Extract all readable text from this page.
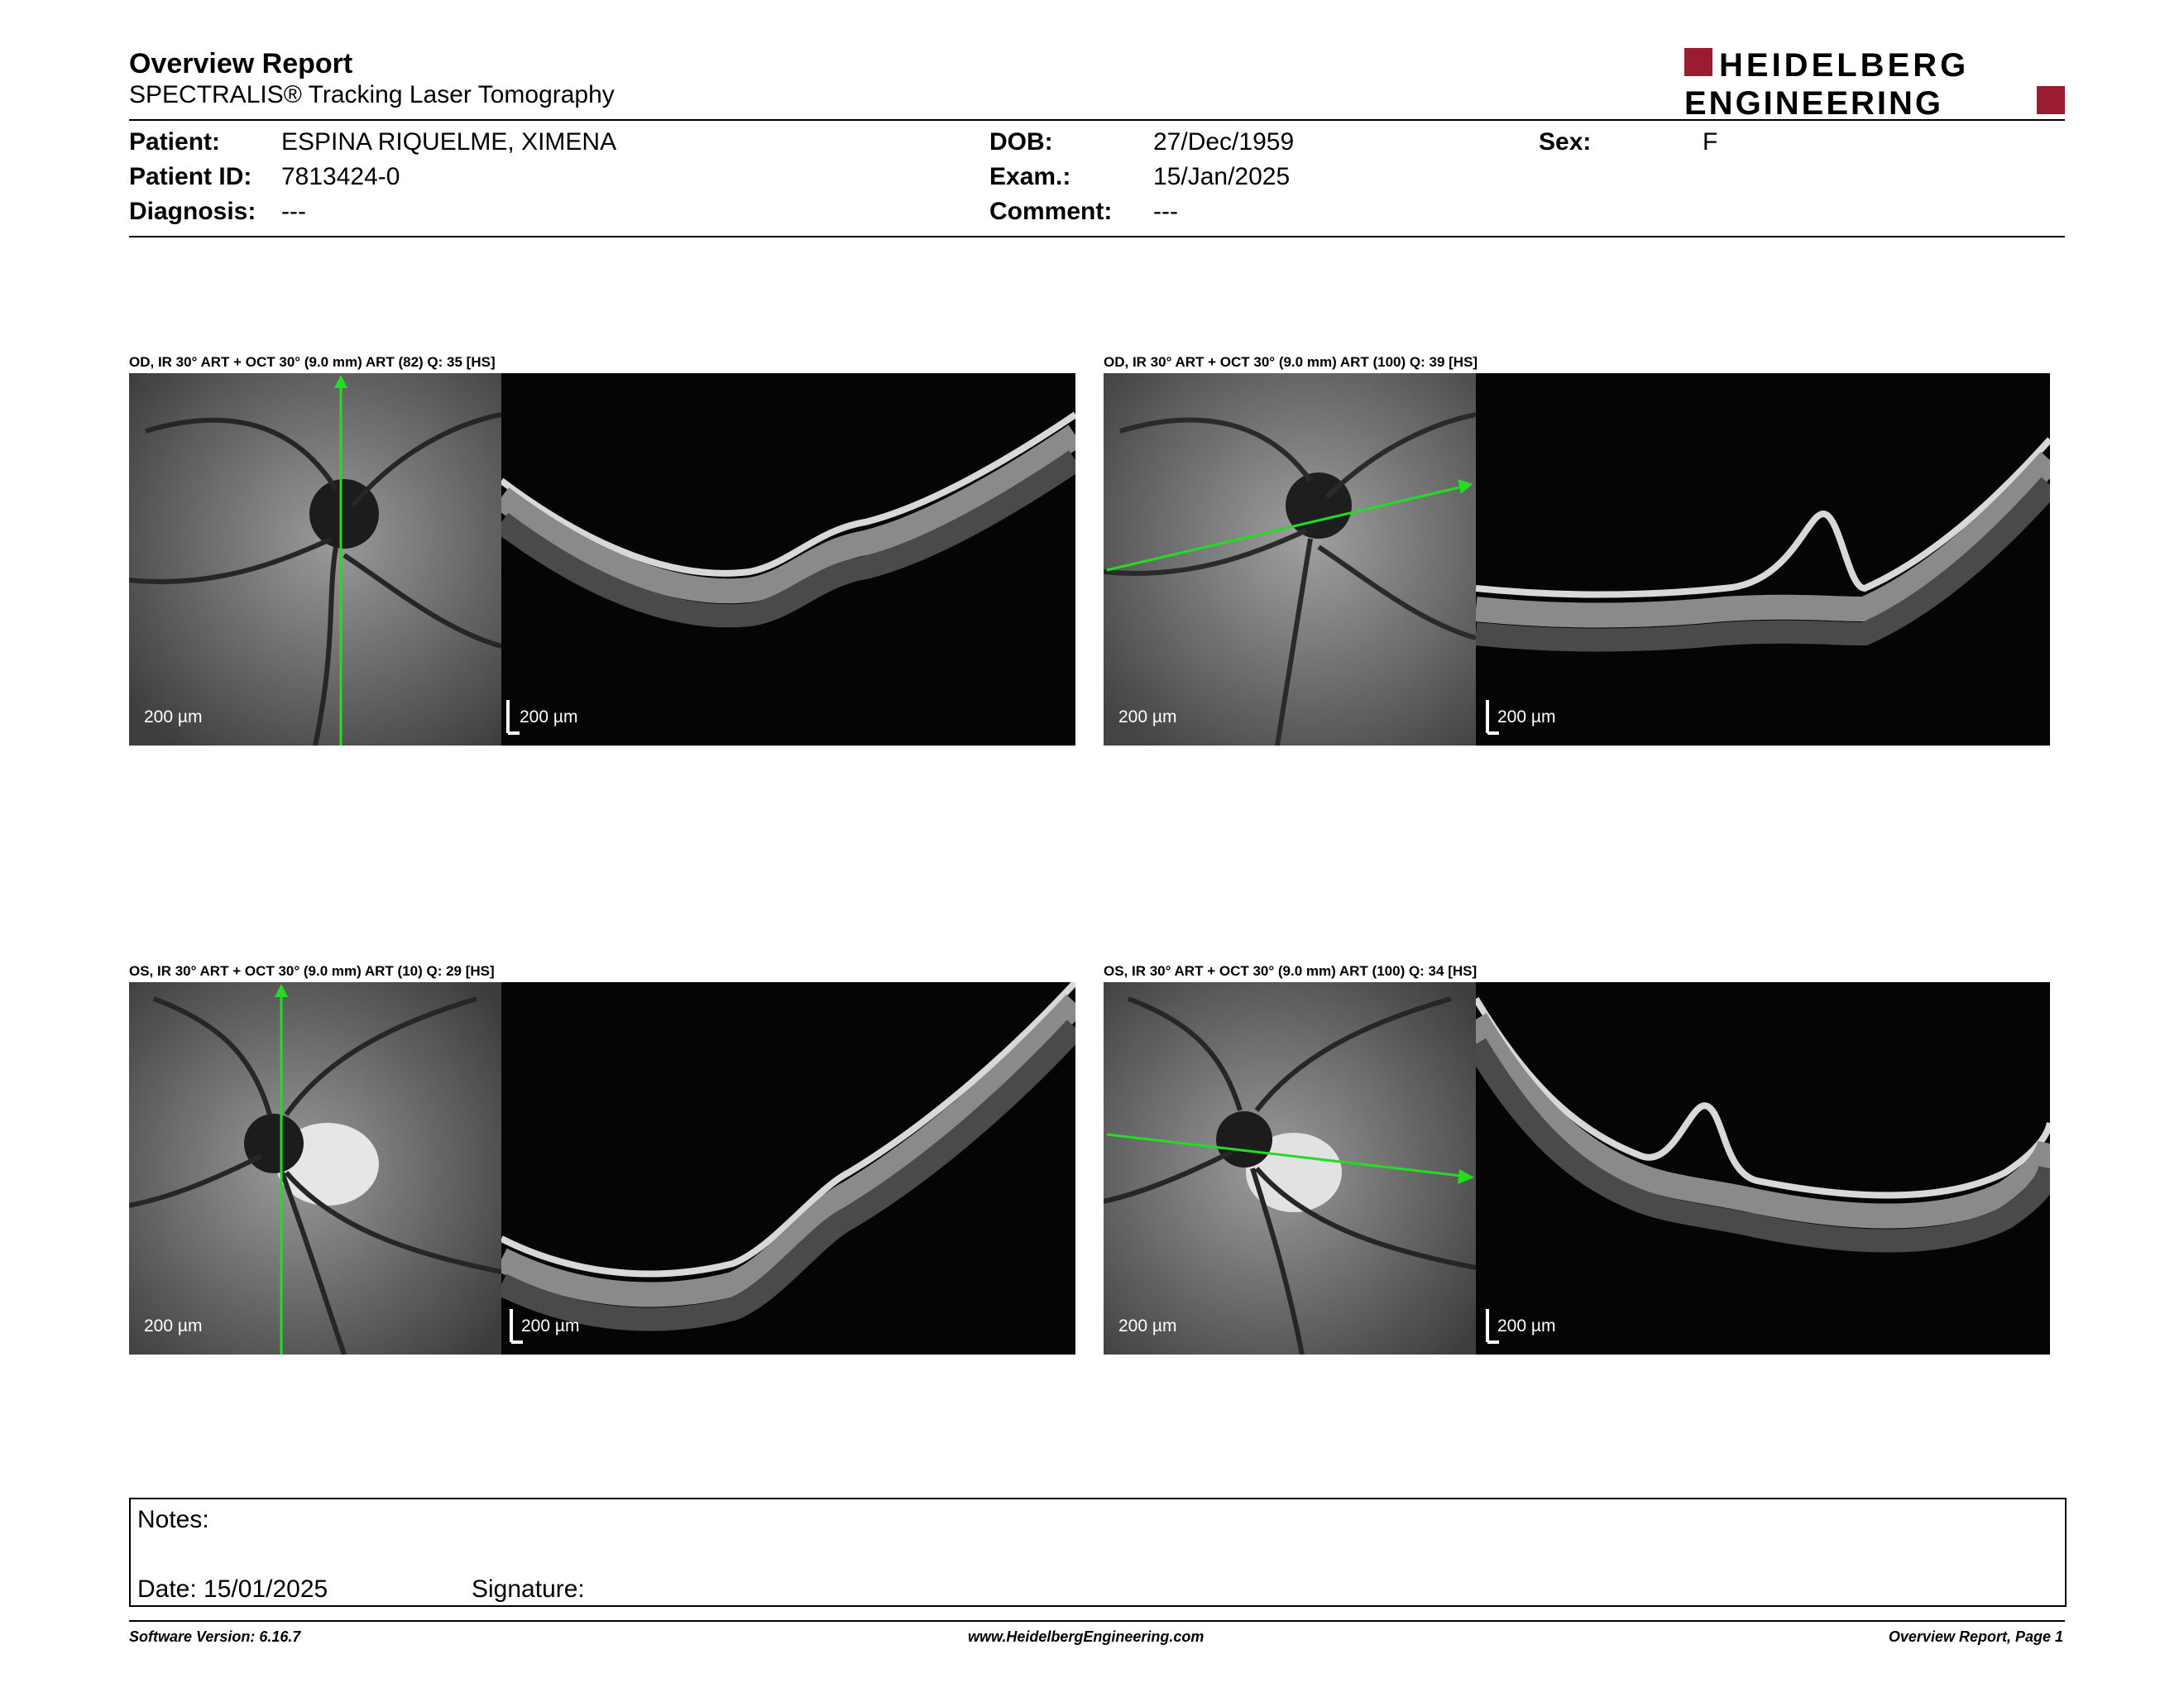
Overview Report
SPECTRALIS® Tracking Laser Tomography
HEIDELBERG
ENGINEERING
Patient: ESPINA RIQUELME, XIMENA	DOB:	27/Dec/1959	Sex:	F
Patient ID: 7813424-0	Exam.:	15/Jan/2025
Diagnosis: ---	Comment: ---
OD, IR 30° ART + OCT 30° (9.0 mm) ART (82) Q: 35 [HS]
200 µm	200 µm
OD, IR 30° ART + OCT 30° (9.0 mm) ART (100) Q: 39 [HS]
200 µm	200 µm
OS, IR 30° ART + OCT 30° (9.0 mm) ART (10) Q: 29 [HS]
200 µm	200 µm
OS, IR 30° ART + OCT 30° (9.0 mm) ART (100) Q: 34 [HS]
200 µm	200 µm
Notes:
Date: 15/01/2025	Signature:
Software Version: 6.16.7	www.HeidelbergEngineering.com	Overview Report, Page 1
